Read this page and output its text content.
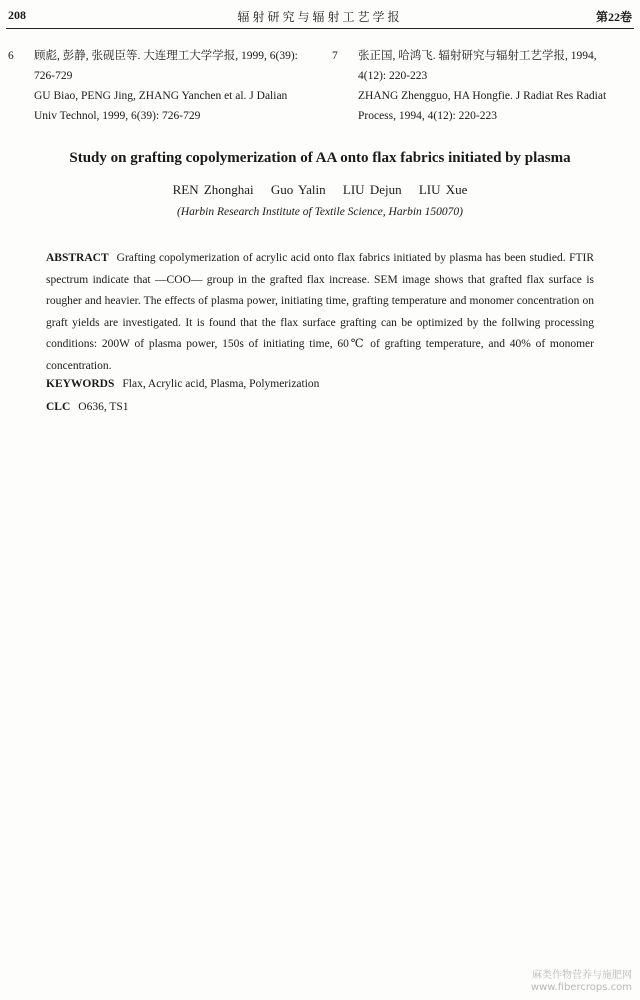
208	辐射研究与辐射工艺学报	第22卷
6 顾彪, 彭静, 张砚臣等. 大连理工大学学报, 1999, 6(39):
726-729
GU Biao, PENG Jing, ZHANG Yanchen et al. J Dalian
Univ Technol, 1999, 6(39): 726-729
7 张正国, 哈鸿飞. 辐射研究与辐射工艺学报, 1994,
4(12): 220-223
ZHANG Zhengguo, HA Hongfie. J Radiat Res Radiat
Process, 1994, 4(12): 220-223
Study on grafting copolymerization of AA onto flax fabrics initiated by plasma
REN Zhonghai Guo Yalin LIU Dejun LIU Xue
(Harbin Research Institute of Textile Science, Harbin 150070)
ABSTRACT Grafting copolymerization of acrylic acid onto flax fabrics initiated by plasma has been studied. FTIR spectrum indicate that —COO— group in the grafted flax increase. SEM image shows that grafted flax surface is rougher and heavier. The effects of plasma power, initiating time, grafting temperature and monomer concentration on graft yields are investigated. It is found that the flax surface grafting can be optimized by the follwing processing conditions: 200W of plasma power, 150s of initiating time, 60℃ of grafting temperature, and 40% of monomer concentration.
KEYWORDS Flax, Acrylic acid, Plasma, Polymerization
CLC O636, TS1
麻类作物营养与施肥网
www.fibercrops.com
